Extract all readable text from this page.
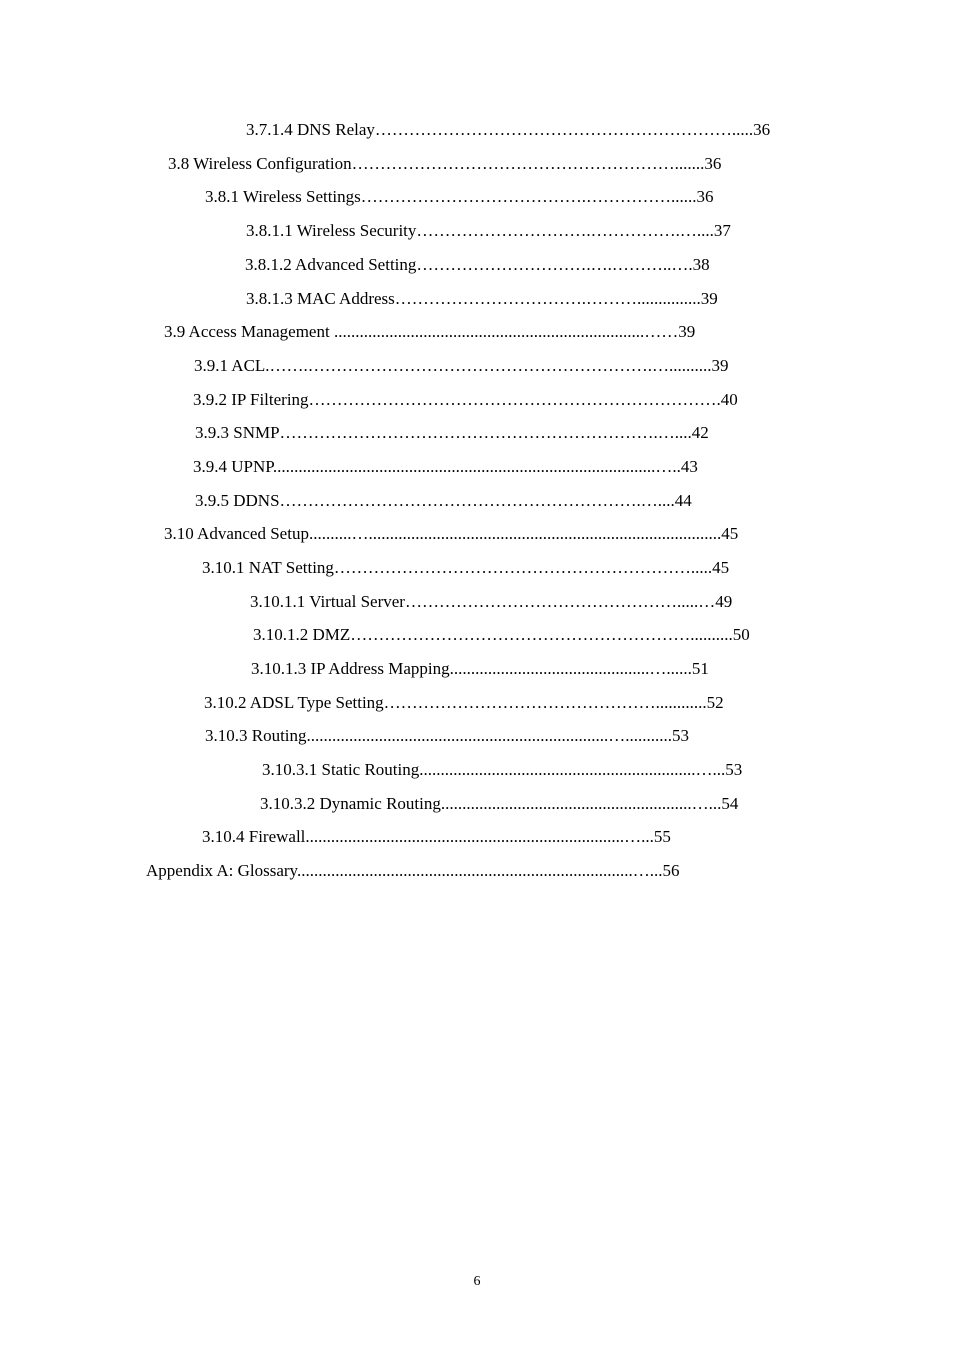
3.7.1.4 DNS Relay……………………………………………………….....36
3.8 Wireless Configuration………………………………………………….......36
3.8.1 Wireless Settings………………………………….……………......36
3.8.1.1 Wireless Security………………………….…………….…....37
3.8.1.2 Advanced Setting………………………….….………..….38
3.8.1.3 MAC Address…………………………….………...............39
3.9 Access Management .........................................................................……39
3.9.1 ACL.…….…………………………………………………….…..........39
3.9.2 IP Filtering……………………………………………………………….40
3.9.3 SNMP………………………………………………………….…....42
3.9.4 UPNP..........................................................................................…..43
3.9.5 DDNS……………………………………………………….…....44
3.10 Advanced Setup..........…...................................................................................45
3.10.1 NAT Setting……………………………………………………….....45
3.10.1.1 Virtual Server………………………………………….....…49
3.10.1.2 DMZ……………………………………………………..........50
3.10.1.3 IP Address Mapping...............................................…......51
3.10.2 ADSL Type Setting…………………………………………............52
3.10.3 Routing.......................................................................…...........53
3.10.3.1 Static Routing.................................................................…...53
3.10.3.2 Dynamic Routing...........................................................…...54
3.10.4 Firewall...........................................................................…...55
Appendix A: Glossary...............................................................................…...56
6
